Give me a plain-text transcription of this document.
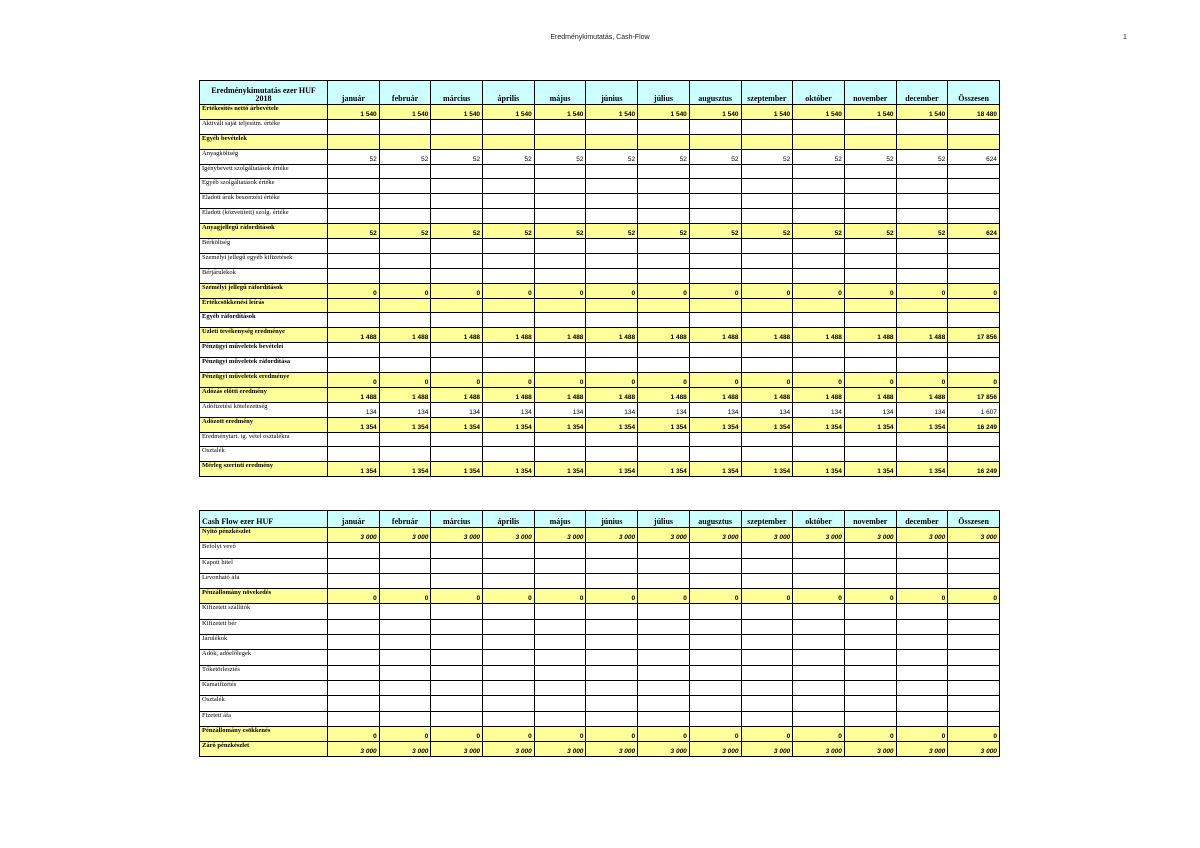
Eredménykimutatás, Cash-Flow	1
Eredménykimutatás ezer HUF
2018	január	február	március	április	május	június	július	augusztus	szeptember	október	november	december	Összesen
Értékesítés nettó árbevétele	1 540	1 540	1 540	1 540	1 540	1 540	1 540	1 540	1 540	1 540	1 540	1 540	18 480
Aktivált saját teljesítm. értéke													
Egyéb bevételek													
Anyagköltség	52	52	52	52	52	52	52	52	52	52	52	52	624
Igénybevett szolgáltatások értéke													
Egyéb szolgáltatások értéke													
Eladott áruk beszerzési értéke													
Eladott (közvetített) szolg. értéke													
Anyagjellegű ráfordítások	52	52	52	52	52	52	52	52	52	52	52	52	624
Bérköltség													
Személyi jellegű egyéb kifizetések													
Bérjárulékok													
Személyi jellegű ráfordítások	0	0	0	0	0	0	0	0	0	0	0	0	0
Értékcsökkenési leírás													
Egyéb ráfordítások													
Üzleti tevékenység eredménye	1 488	1 488	1 488	1 488	1 488	1 488	1 488	1 488	1 488	1 488	1 488	1 488	17 856
Pénzügyi műveletek bevételei													
Pénzügyi műveletek ráfordítása													
Pénzügyi műveletek eredménye	0	0	0	0	0	0	0	0	0	0	0	0	0
Adózás előtti eredmény	1 488	1 488	1 488	1 488	1 488	1 488	1 488	1 488	1 488	1 488	1 488	1 488	17 856
Adófizetési kötelezettség	134	134	134	134	134	134	134	134	134	134	134	134	1 607
Adózott eredmény	1 354	1 354	1 354	1 354	1 354	1 354	1 354	1 354	1 354	1 354	1 354	1 354	16 249
Eredménytart. ig. vétel osztalékra													
Osztalék													
Mérleg szerinti eredmény	1 354	1 354	1 354	1 354	1 354	1 354	1 354	1 354	1 354	1 354	1 354	1 354	16 249
Cash Flow ezer HUF	január	február	március	április	május	június	július	augusztus	szeptember	október	november	december	Összesen
Nyitó pénzkészlet	3 000	3 000	3 000	3 000	3 000	3 000	3 000	3 000	3 000	3 000	3 000	3 000	3 000
Befolyt vevő													
Kapott hitel													
Levonható áfa													
Pénzállomány növekedés	0	0	0	0	0	0	0	0	0	0	0	0	0
Kifizetett szállítók													
Kifizetett bér													
Járulékok													
Adók, adóelőlegek													
Tőketörlesztés													
Kamatfizetés													
Osztalék													
Fizetett áfa													
Pénzállomány csökkenés	0	0	0	0	0	0	0	0	0	0	0	0	0
Záró pénzkészlet	3 000	3 000	3 000	3 000	3 000	3 000	3 000	3 000	3 000	3 000	3 000	3 000	3 000
